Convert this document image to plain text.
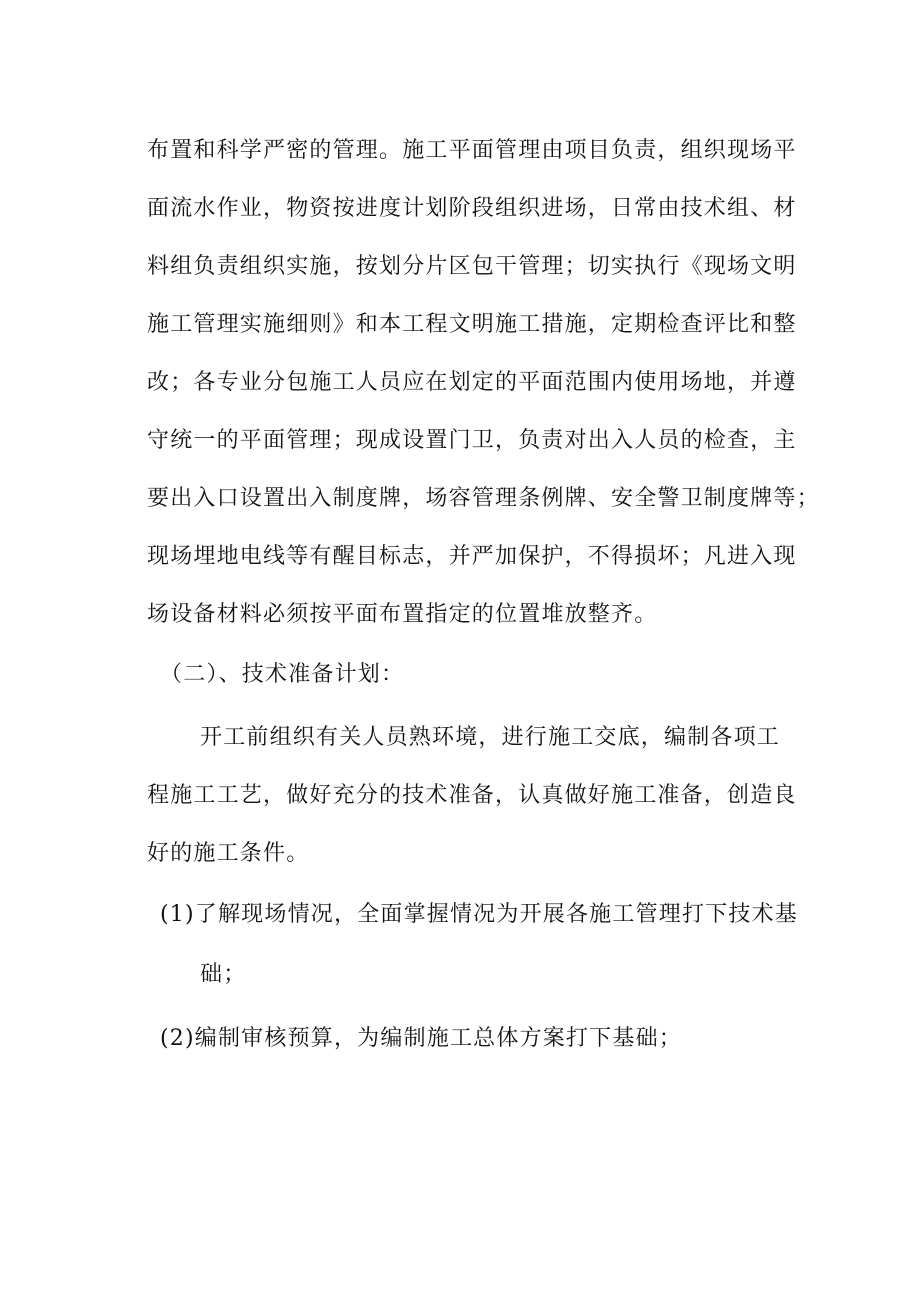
布置和科学严密的管理。施工平面管理由项目负责，组织现场平
面流水作业，物资按进度计划阶段组织进场，日常由技术组、材
料组负责组织实施，按划分片区包干管理；切实执行《现场文明
施工管理实施细则》和本工程文明施工措施，定期检查评比和整
改；各专业分包施工人员应在划定的平面范围内使用场地，并遵
守统一的平面管理；现成设置门卫，负责对出入人员的检查，主
要出入口设置出入制度牌，场容管理条例牌、安全警卫制度牌等；
现场埋地电线等有醒目标志，并严加保护，不得损坏；凡进入现
场设备材料必须按平面布置指定的位置堆放整齐。
（二）、技术准备计划：
开工前组织有关人员熟环境，进行施工交底，编制各项工
程施工工艺，做好充分的技术准备，认真做好施工准备，创造良
好的施工条件。
(1)了解现场情况，全面掌握情况为开展各施工管理打下技术基
础；
(2)编制审核预算，为编制施工总体方案打下基础；
